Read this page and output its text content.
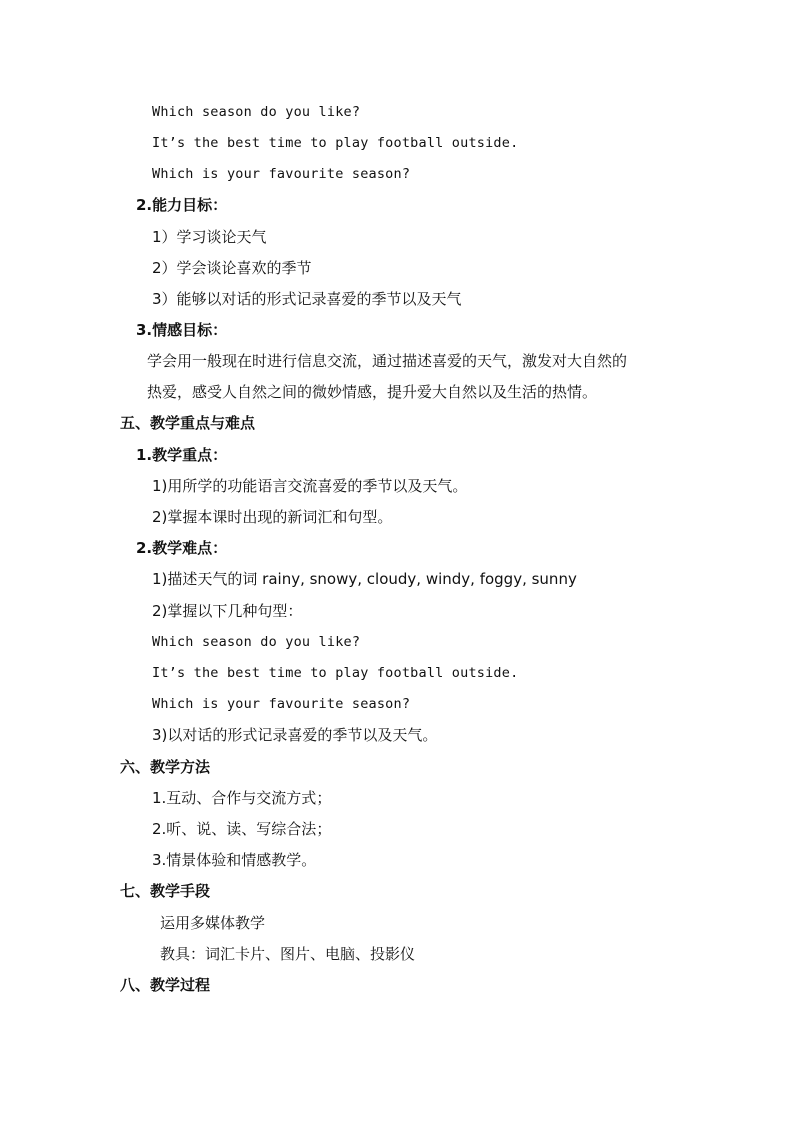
Which season do you like?
It’s the best time to play football outside.
Which is your favourite season?
2.能力目标：
1）学习谈论天气
2）学会谈论喜欢的季节
3）能够以对话的形式记录喜爱的季节以及天气
3.情感目标：
学会用一般现在时进行信息交流，通过描述喜爱的天气，激发对大自然的
热爱，感受人自然之间的微妙情感，提升爱大自然以及生活的热情。
五、教学重点与难点
1.教学重点：
1)用所学的功能语言交流喜爱的季节以及天气。
2)掌握本课时出现的新词汇和句型。
2.教学难点：
1)描述天气的词 rainy, snowy, cloudy, windy, foggy, sunny
2)掌握以下几种句型：
Which season do you like?
It’s the best time to play football outside.
Which is your favourite season?
3)以对话的形式记录喜爱的季节以及天气。
六、教学方法
1.互动、合作与交流方式；
2.听、说、读、写综合法；
3.情景体验和情感教学。
七、教学手段
运用多媒体教学
教具：词汇卡片、图片、电脑、投影仪
八、教学过程
